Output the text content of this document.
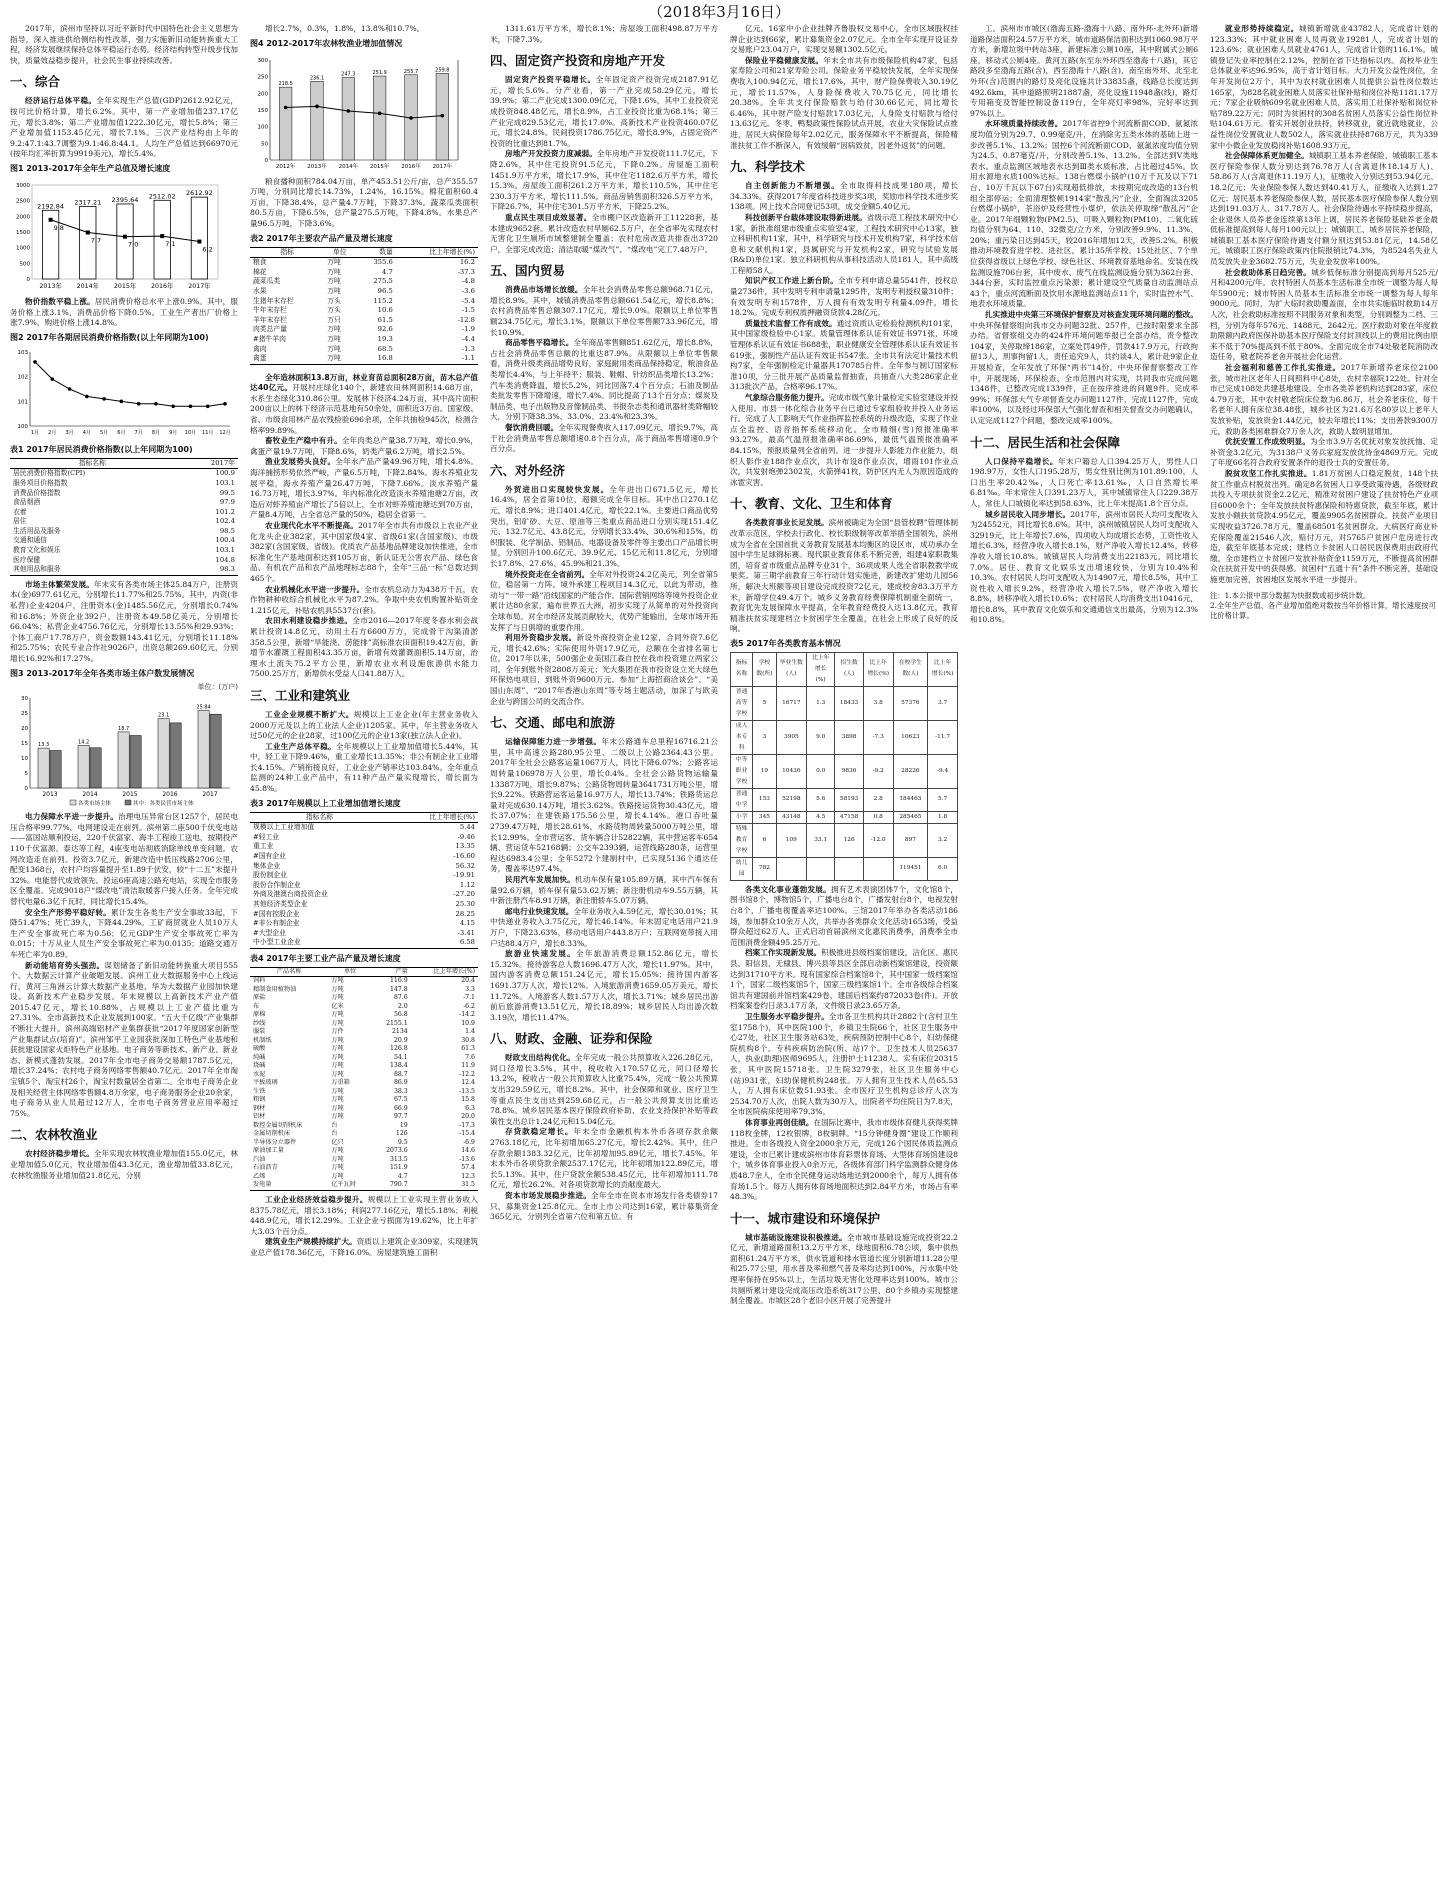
（2018年3月16日）

2017年，滨州市坚持以习近平新时代中国特色社会主义思想为指导，深入推进供给侧结构性改革，强力实施新旧动能转换重大工程，经济发展继续保持总体平稳运行态势。经济结构转型升级步伐加快，质量效益稳步提升，社会民生事业持续改善。

一、综合

经济运行总体平稳。全年实现生产总值(GDP)2612.92亿元，按可比价格计算，增长6.2%。其中，第一产业增加值237.17亿元，增长3.8%；第二产业增加值1222.30亿元，增长5.8%；第三产业增加值1153.45亿元，增长7.1%。三次产业结构由上年的9.2:47.1:43.7调整为9.1:46.8:44.1。人均生产总值达到66970元(按年均汇率折算为9919美元)，增长5.4%。

图1 2013-2017年全年生产总值及增长速度
2192.84
2013年
2317.21
2014年
2395.64
2015年
2512.02
2016年
2612.92
2017年
9.8
7.7
7.0	7.1
6.2
0
500
1000
1500
2000
2500
3000

物价指数平稳上涨。居民消费价格总水平上涨0.9%。其中，服务价格上涨3.1%，消费品价格下降0.5%。工业生产者出厂价格上涨7.9%，购进价格上涨14.8%。

图2 2017年各期居民消费价格指数(以上年同期为100)
1月 2月 3月 4月 5月 6月 7月 8月 9月 10月 11月 12月
100
101
102
103
表1 2017年居民消费价格指数(以上年同期为100)
指标名称	2017年
居民消费价格指数(CPI)	100.9
服务项目价格指数	103.1
消费品价格指数	99.5
食品烟酒	97.9
衣着	101.2
居住	102.4
生活用品及服务	98.5
交通和通信	100.4
教育文化和娱乐	103.1
医疗保健	104.8
其他用品和服务	98.3

市场主体繁荣发展。年末实有各类市场主体25.84万户，注册资本(金)6977.61亿元，分别增长11.77%和25.75%。其中，内资(非私营)企业4204户，注册资本(金)1485.56亿元，分别增长0.74%和16.8%；外资企业392户，注册资本49.58亿美元，分别增长66.04%；私营企业4756.76亿元，分别增长13.55%和29.93%；个体工商户17.78万户，资金数额143.41亿元，分别增长11.18%和25.75%；农民专业合作社9026户，出资总额269.60亿元，分别增长16.92%和17.27%。

图3 2013-2017年全年各类市场主体户数发展情况
单位：(万户)
13.3
2013
14.2
2014
18.7
2015
23.1
2016
25.84
2017
0
5
10
15
20
25
30
各类市场主体	其中：各类民营市场主体

电力保障水平进一步提升。治理电压异常台区1257个，居民电压合格率99.77%。电网建设走在前列。滨州第二座500千伏变电站——富国站顺利投运，220千伏富家、海丰工程竣工送电，按期投产110千伏富源、泰达等工程，4座变电站彻底消除单线单变问题。农网改造走在前列。投资3.7亿元，新建改造中低压线路2706公里，配变1368台，农村户均容量提升至1.89千伏安，较“十二五”末提升32%。电能替代成效领先。投运6座高速公路充电站，实现全市服务区全覆盖。完成9018户“煤改电”清洁取暖客户接入任务。全年完成替代电量6.3亿千瓦时，同比增长15.4%。

安全生产形势平稳好转。累计发生各类生产安全事故33起，下降51.47%；死亡39人，下降44.29%。工矿商贸就业人员10万人生产安全事故死亡率为0.56；亿元GDP生产安全事故死亡率为0.015；十万从业人员生产安全事故死亡率为0.0135；道路交通万车死亡率为0.89。

新动能培育势头强劲。谋划储备了新旧动能转换重大项目555个。大数据云计算产业破题发展。滨州工业大数据服务中心上线运行，黄河三角洲云计算大数据产业基地、华为大数据产业园加快建设。高新技术产业稳步发展。年末规模以上高新技术产业产值2015.47亿元，增长10.88%，占规模以上工业产值比重为27.31%。全市高新技术企业发展到100家。“五大千亿级”产业集群不断壮大提升。滨州高端铝材产业集群获批“2017年度国家创新型产业集群试点(培育)”。滨州邹平工业园获批深加工特色产业基地和获批建设国家火炬特色产业基地。电子商务等新技术、新产业、新业态、新模式蓬勃发展。2017年全市电子商务交易额1787.5亿元，增长37.24%；农村电子商务网络零售额40.7亿元。2017年全市淘宝镇5个、淘宝村26个，淘宝村数量居全省第二。全市电子商务企业及相关经营主体网络零售额4.8万余家，电子商务服务企业20余家，电子商务从业人员超过12万人，全市电子商务营业应用率超过75%。

二、农林牧渔业

农村经济稳步增长。全年实现农林牧渔业增加值155.0亿元，林业增加值5.0亿元，牧业增加值43.3亿元，渔业增加值33.8亿元，农林牧渔服务业增加值21.8亿元，分别

增长2.7%，0.3%，1.8%，13.8%和10.7%。

图4 2012-2017年农林牧渔业增加值情况
218.5
2012年
236.1
2013年
247.3
2014年
251.9
2015年
255.7
2016年
259.8
2017年
0
50
100
150
200
250
300

粮食播种面积784.04万亩，单产453.51公斤/亩，总产355.57万吨，分别同比增长14.73%，1.24%，16.15%。棉花面积60.4万亩，下降38.4%，总产量4.7万吨，下降37.3%。蔬菜瓜类面积80.5万亩，下降6.5%，总产量275.5万吨，下降4.8%。水果总产量96.5万吨，下降3.6%。

表2 2017年主要农产品产量及增长速度
指标	单位	数量	比上年增长(%)
粮食	万吨	355.6	16.2
棉花	万吨	4.7	-37.3
蔬菜瓜类	万吨	275.5	-4.8
水果	万吨	96.5	-3.6
生猪年末存栏	万头	115.2	-5.4
牛年末存栏	万头	10.6	-1.5
羊年末存栏	万只	61.5	-12.8
肉类总产量	万吨	92.6	-1.9
#猪牛羊肉	万吨	19.3	-4.4
禽肉	万吨	68.5	-1.3
禽蛋	万吨	16.8	-1.1

全年造林面积13.8万亩，林业育苗总面积28万亩，苗木总产值达40亿元。开展村庄绿化140个，新建农田林网面积14.68万亩，水系生态绿化310.86公里。发展林下经济4.24万亩，其中高片面积200亩以上的林下经济示范基地有50余处，面积近3万亩。国家级、省、市级食用林产品农残检验696余项，全年共抽检945次，检测合格率99.89%。

畜牧业生产稳中有升。全年肉类总产量38.7万吨，增长0.9%，禽蛋产量19.7万吨，下降8.6%，奶类产量6.2万吨，增长2.5%。

渔业发展势头良好。全年水产品产量49.96万吨，增长4.8%。海洋捕捞形势依然严峻，产量6.5万吨，下降2.84%。海水养殖业发展平稳，海水养殖产量26.47万吨，下降7.66%。淡水养殖产量16.73万吨，增长3.97%。年内标准化改造淡水养殖池塘2万亩，改造后对虾养殖亩产增长了5倍以上，全市对虾养殖池塘达到70万亩，产量8.4万吨，占全省总产量的50%，稳居全省第一。

农业现代化水平不断提高。2017年全市共有市级以上农业产业化龙头企业382家，其中国家级4家、省级61家(含国家级)、市级382家(含国家级、省级)。优质农产品基地品牌建设加快推进，全市标准化生产基地面积达到105万亩，新认证无公害农产品、绿色食品、有机农产品和农产品地理标志88个，全年“三品一标”总数达到465个。

农业机械化水平进一步提升。全市农机总动力为438万千瓦，农作物耕种收综合机械化水平为87.2%。争取中央农机购置补贴资金1.215亿元，补贴农机具5537台(套)。

农田水利建设稳步推进。全市2016—2017年度冬春水利会战累计投资14.8亿元，动用土石方6600万方，完成骨干沟渠清淤358.5公里，新增“旱能浇、涝能排”高标准农田面积19.42万亩，新增节水灌溉工程面积43.35万亩，新增有效灌溉面积5.14万亩，治理水土流失75.2平方公里，新增农业水利设施旅游供水能力7500.25万方，新增供水受益人口41.88万人。

三、工业和建筑业

工业企业规模不断扩大。规模以上工业企业(年主营业务收入2000万元及以上的工业法人企业)1205家。其中，年主营业务收入过50亿元的企业28家，过100亿元的企业13家(独立法人企业)。

工业生产总体平稳。全年规模以上工业增加值增长5.44%，其中，轻工业下降9.46%，重工业增长13.35%；非公有制企业工业增长4.15%。产销衔接良好，工业企业产销率达103.84%。全年重点监测的24种工业产品中，有11种产品产量实现增长，增长面为45.8%。

表3 2017年规模以上工业增加值增长速度
指标名称	比上年增长(%)
规模以上工业增加值	5.44
#轻工业	-9.46
重工业	13.35
#国有企业	-16.60
集体企业	56.32
股份制企业	-19.91
股份合作制企业	1.12
外商及港澳台商投资企业	-27.20
其他经济类型企业	25.30
#国有控股企业	28.25
#非公有制企业	4.15
#大型企业	-3.41
中小型工业企业	6.58
表4 2017年主要工业产品产量及增长速度
产品名称	单位	产量	比上年增长(%)
饲料	万吨	116.9	20.4
精制食用植物油	万吨	147.8	3.3
原盐	万吨	87.6	-7.1
布	亿米	2.0	-6.2
原棉	万吨	56.8	-14.2
纱线	万吨	2155.1	10.9
服装	万件	2134	1.4
机制纸	万吨	20.9	30.8
硫酸	万吨	126.8	61.3
纯碱	万吨	54.1	7.6
烧碱	万吨	138.4	11.9
水泥	万吨	88.7	-12.2
平板玻璃	万重箱	86.9	12.4
生铁	万吨	38.3	-13.5
粗钢	万吨	67.5	15.8
钢材	万吨	66.9	6.3
铝材	万吨	97.7	20.0
数控金属切削机床	台	19	-17.3
金属切削机床	台	126	-15.4
半导体分立器件	亿只	9.5	-6.9
原油加工量	万吨	2073.6	14.6
汽油	万吨	313.5	-13.6
石油沥青	万吨	151.9	57.4
乙烯	万吨	4.7	12.3
发电量	亿千瓦时	790.7	31.5

工业企业经济效益稳步提升。规模以上工业实现主营业务收入8375.78亿元，增长3.18%；利润277.16亿元，增长5.18%；利税448.9亿元，增长12.29%。工业企业亏损面为19.62%，比上年扩大3.03个百分点。

建筑业生产规模持续扩大。资质以上建筑企业309家，实现建筑业总产值178.36亿元，下降16.0%。房屋建筑施工面积

1311.61万平方米，增长8.1%；房屋竣工面积498.87万平方米，下降7.3%。

四、固定资产投资和房地产开发

固定资产投资平稳增长。全年固定资产投资完成2187.91亿元，增长5.6%。分产业看，第一产业完成58.29亿元，增长39.9%；第二产业完成1300.09亿元，下降1.6%，其中工业投资完成投资848.48亿元，增长8.9%，占工业投资比重为68.1%；第三产业完成829.53亿元，增长17.0%。高新技术产业投资460.07亿元，增长24.8%。民间投资1786.75亿元，增长8.9%，占固定资产投资的比重达到81.7%。

房地产开发投资力度减弱。全年房地产开发投资111.7亿元，下降2.6%，其中住宅投资91.5亿元，下降0.2%。房屋施工面积1451.9万平方米，增长17.9%，其中住宅1182.6万平方米，增长15.3%。房屋竣工面积261.2万平方米，增长110.5%，其中住宅230.3万平方米，增长111.5%。商品房销售面积326.5万平方米，下降26.7%，其中住宅301.5万平方米，下降25.2%。

重点民生项目成效显著。全市棚户区改造新开工11228套，基本建成9652套。累计改造农村旱厕62.5万户，在全省率先实现农村无害化卫生厕所市域整建制全覆盖；农村危房改造共排查出3720户，全部完成改造；清洁取暖“煤改气”、“煤改电”完工7.48万户。

五、国内贸易

消费品市场增长放缓。全年社会消费品零售总额968.71亿元，增长8.9%。其中，城镇消费品零售总额661.54亿元，增长8.8%；农村消费品零售总额307.17亿元，增长9.0%。限额以上单位零售额234.75亿元，增长3.1%，限额以下单位零售额733.96亿元，增长10.9%。

商品零售平稳增长。全年商品零售额851.62亿元，增长8.8%，占社会消费品零售总额的比重达87.9%。从限额以上单位零售额看，消费升级类商品增势良好，家庭耐用类商品保持稳定，粮油食品类增长4.4%，与上年持平；服装、鞋帽、针纺织品类增长13.2%；汽车类消费降温，增长5.2%，同比回落7.4个百分点；石油及制品类批发零售下降增速，增长7.4%。同比提高了13个百分点；煤炭及制品类、电子出版物及音像制品类、书报杂志类和通讯器材类降幅较大，分别下降38.3%、33.0%、23.4%和23.3%。

餐饮消费回暖。全年实现餐费收入117.09亿元，增长9.7%，高于社会消费品零售总额增速0.8个百分点，高于商品零售增速0.9个百分点。

六、对外经济

外贸进出口实现较快发展。全年进出口671.5亿元，增长16.4%，居全省第10位，超额完成全年目标。其中出口270.1亿元，增长8.9%；进口401.4亿元，增长22.1%。主要进口商品优势突出，铝矿砂、大豆、原油等三类重点商品进口分别实现151.4亿元、132.7亿元、43.8亿元，分别增长33.4%、30.6%和15%。纺织服装、化学制品、铝制品、电器设备及零件等主要出口产品增长明显，分别回升100.6亿元、39.9亿元、15亿元和11.8亿元，分别增长17.8%、27.6%、45.9%和21.3%。

境外投资走在全省前列。全年对外投资24.2亿美元，列全省第5位，稳居第一方阵。境外承建工程项目14.3亿元，以此为带动，推动与“一带一路”沿线国家的产能合作。国际营销网络等境外投资企业累计达80余家，遍布世界五大洲，初步实现了从简单的对外投资向全球布局。对全市经济发展贡献较大，优势产能输出，全球市场开拓发挥了与日俱增的重要作用。

利用外资稳步发展。新设外商投资企业12家，合同外资7.6亿元，增长42.6%；实际使用外资17.9亿元，总额在全省排名第七位。2017年以来，500强企业美国江森自控在我市投资建立两家公司，全年到账外资2808万美元；光大集团在我市投资设立光大绿色环保热电项目，到账外资9600万元。参加“上海招商洽谈会”、“美国山东周”、“2017年香港山东周”等专场主题活动，加深了与欧美企业与跨国公司的交流合作。

七、交通、邮电和旅游

运输保障能力进一步增强。年末公路通车总里程16716.21公里，其中高速公路280.95公里、二级以上公路2364.43公里。2017年全社会公路客运量1067万人，同比下降6.07%；公路客运周转量106978万人公里，增长0.4%。全社会公路货物运输量13387万吨，增长9.87%；公路货物周转量3641731万吨公里，增长9.22%。铁路营运客运量16.97万人，增长13.74%；铁路货运总量对完成630.14万吨，增长3.62%。铁路接运货物30.43亿元，增长37.07%；在建铁路175.56公里，增长4.14%。港口吞吐量2739.47万吨，增长28.61%，水路货物周转量5000万吨公里，增长12.99%。全市营运客、货车辆合计52822辆，其中营运客车654辆、营运货车52168辆；公交车2393辆，运营线路280条，运营里程达6983.4公里；全年5272个建制村中，已实现5136个通达任务，覆盖率达97.4%。

民用汽车发展加快。机动车保有量105.89万辆，其中汽车保有量92.6万辆，轿车保有量53.62万辆；新注册机动车9.55万辆，其中新注册汽车8.91万辆，新注册轿车5.07万辆。

邮电行业快速发展。全年业务收入4.59亿元，增长30.01%；其中快递业务收入3.75亿元，增长46.14%。年末固定电话用户21.9万户，下降23.63%，移动电话用户443.8万户；互联网宽带接入用户达88.4万户，增长8.33%。

旅游业快速发展。全年旅游消费总额152.86亿元，增长15.32%。接待游客总人数1696.47万人次，增长11.97%。其中，国内游客消费总额151.24亿元，增长15.05%；接待国内游客1691.37万人次，增长12%。入境旅游消费1659.05万美元，增长11.72%。入境游客人数1.57万人次，增长3.71%；城乡居民出游前后旅游消费13.51亿元，增长18.89%；城乡居民人均出游次数3.19次，增长11.47%。

八、财政、金融、证券和保险

财政支出结构优化。全年完成一般公共预算收入226.28亿元，同口径增长3.5%。其中，税收收入170.57亿元，同口径增长13.2%，税收占一般公共预算收入比重75.4%，完成一般公共预算支出329.59亿元，增长8.2%。其中，社会保障和就业、医疗卫生等重点民生支出达到259.68亿元，占一般公共预算支出比重达78.8%。城乡居民基本医疗保险政府补助、农业支持保护补贴等政策性支出总计1.24亿元和15.04亿元。

存贷款稳定增长。年末全市金融机构本外币各项存款余额2763.18亿元，比年初增加65.27亿元，增长2.42%。其中，住户存款余额1383.32亿元，比年初增加95.89亿元，增长7.45%。年末本外币各项贷款余额2537.17亿元，比年初增加122.89亿元，增长5.13%。其中，住户贷款余额538.45亿元，比年初增加111.78亿元，增长26.2%。对各项贷款增长的贡献度最大。

资本市场发展稳步推进。全年全市在资本市场发行各类债券17只，募集资金125.8亿元。全市上市公司达到16家，累计募集资金365亿元，分别列全省第六位和第五位。有

亿元。16家中小企业挂牌齐鲁股权交易中心，全市区域股权挂牌企业达到66家，累计募集资金2.07亿元。全市全年实现开设证券交易账户23.04万户，实现交易额1302.5亿元。

保险业平稳健康发展。年末全市共有市级保险机构47家，包括家寿险公司和21家寿险公司。保险业务平稳较快发展，全年实现保费收入100.94亿元，增长17.6%，其中，财产险保费收入30.19亿元，增长11.57%，人身险保费收入70.75亿元，同比增长20.38%。全年共支付保险赔款与给付30.66亿元，同比增长6.46%，其中财产险支付赔款17.03亿元，人身险支付赔款与给付13.63亿元。冬枣、鸭梨政策性保险试点开展，农业大灾保险试点推进，居民大病保险每年2.02亿元，服务保障水平不断提高，保险精准扶贫工作不断深入，有效缓解“因病致贫，因老外返贫”的问题。

九、科学技术

自主创新能力不断增强。全市取得科技成果180项，增长34.33%。获得2017年度省科技进步奖3项，奖励市科学技术进步奖138项。网上技术合同登记53项，成交金额5.40亿元。

科技创新平台载体建设取得新进展。省级示范工程技术研究中心1家，新批准组建市级重点实验室4家，工程技术研究中心13家，独立科研机构11家，其中，科学研究与技术开发机构7家，科学技术信息和文献机构1家，县属研究与开发机构2家，研究与试验发展(R&D)单位1家。独立科研机构从事科技活动人员181人，其中高级工程师58人。

知识产权工作进上新台阶。全市专利申请总量5541件，授权总量2736件，其中发明专利申请量1295件，发明专利授权量310件；有效发明专利1578件，万人拥有有效发明专利量4.09件，增长18.2%。完成专利权质押融资贷款4.28亿元。

质量技术监督工作有成效。通过资质认定检验检测机构101家，其中国家级检验中心1家。质量管理体系认证有效证书971张，环境管理体系认证有效证书688张，职业健康安全管理体系认证有效证书619张，强制性产品认证有效证书547张。全市共有法定计量技术机构7家，全年强制检定计量器具170785台件。全年参与制订国家标准10项，分三批开展产品质量监督抽查，共抽查八大类286家企业313批次产品，合格率96.17%。

气象综合服务能力提升。完成市级气象计量检定实验室建设并投入使用。市县一体化综合业务平台已通过专家组验收并投入业务运行。完成了人工影响天气作业指挥监控系统的升级改造，实现了作业点全监控、语音指挥系统移动化。全市精细(雪)预报准确率93.27%，最高气温预报准确率86.69%，最低气温预报准确率84.15%，预报质量列全省前列。进一步提升人影能力作业能力，组织人影作业188作业点次，共计布设8作业点次，增雨101作业点次，共发射炮弹2302发，火箭弹41枚，防护区内无人为原因造成的冰雹灾害。

十、教育、文化、卫生和体育

各类教育事业长足发展。滨州被确定为全国“县管校聘”管理体制改革示范区，学校去行政化、校长职级制等改革举措全国领先，滨州成为全省在全国首批义务教育发展基本均衡区的设区市，成功承办全国中学生足球锦标赛。现代职业教育体系不断完善，组建4家职教集团，培育省市级重点品牌专业31个，36项成果人选全省职教教学成果奖。第三期学前教育三年行动计划实施进，新建改扩建幼儿园56所，解决大班额等项目建设完成投资72亿元，建成校舍83.3万平方米，新增学位49.4万个。城乡义务教育经费保障机制重全面统一，教育优先发展保障水平提高，全年教育经费投入达13.8亿元，教育精准扶贫实现建档立卡贫困学生全覆盖，在社会上形成了良好的反响。

表5 2017年各类教育基本情况
指标名称	学校数(所)	毕业生数(人)	比上年增长(%)	招生数(人)	比上年增长(%)	在校学生数(人)	比上年增长(%)
普通高等学校	5	16717	1.3	18433	3.8	57376	3.7
成人本专科	3	3905	9.0	3898	-7.3	10623	-11.7
中等职业学校	19	10436	0.0	9836	-9.2	28226	-9.4
普通中学	153	52198	5.6	58193	2.8	184463	5.7
小学	345	43148	4.5	47158	0.8	285465	1.8
特殊教育学校	6	109	33.1	126	-12.0	897	3.2
幼儿园	782					119451	6.0

各类文化事业蓬勃发展。拥有艺术表演团体7个，文化馆8个，图书馆8个，博物馆5个，广播电台8个，广播发射台8个，电视发射台8个，广播电视覆盖率达100%。三馆2017年举办各类活动186场，参加群众10余万人次，共举办各类群众文化活动1653场，受益群众超过62万人。正式启动首届滨州文化惠民消费季，消费季全市范围消费金额495.25万元。

档案工作实现新发展。积极推进县级档案馆建设，沾化区、惠民县、阳信县、无棣县、博兴县等县区全部启动新档案馆建设，投资额达到31710平方米。现有国家综合档案馆8个，其中国家一级档案馆1个，国家二级档案馆5个，国家三级档案馆1个。全市各级综合档案馆共有建国前并馆档案429卷，建国后档案约872033卷(件)。开放档案案卷约日录3.17万条，文件级日录23.65万条。

卫生服务水平稳步提升。全市各卫生机构共计2882个(含村卫生室1758个)，其中医院100个，乡镇卫生院66个，社区卫生服务中心27处，社区卫生服务站63处，疾病预防控制中心8个，妇幼保健院机构8个。专科疾病防治院(所、站)7个。卫生技术人员25637人，执业(助理)医师9695人，注册护士11238人。实有床位20315张，其中医院15718张。卫生院3279张，社区卫生服务中心(站)931张，妇幼保健机构248张。万人拥有卫生技术人员65.53人，万人拥有床位数51.93张。全市医疗卫生机构总诊疗人次为2534.70万人次，出院人数为30万人，出院者平均住院日为7.8天，全市医院病床使用率79.3%。

体育事业再创佳绩。在国际比赛中，我市市级体育健儿获得奖牌118枚金牌，12枚银牌，8枚铜牌。“15分钟健身圈”建设工作顺利推进。全市各级投入资金2000余万元，完成126个国民体质监测点建设，全市已累计建成滨州市体育彩票体育场、大型体育场馆建设8个，城乡体育事业投入0余万元，各级体育部门科学监测群众健身体质48.7余人，全市全民健身运动场地达到2000余个，每万人拥有体育场1.5个。每万人拥有体育场地面积达到2.84平方米，市场占有率48.3%。

十一、城市建设和环境保护

城市基础设施建设积极推进。全市城市基础设施完成投资22.2亿元，新增道路面积13.2万平方米，绿地面积6.78公顷，集中供热面积61.24万平方米，供水管道和排水管道长度分别新增11.28公里和25.77公里，用水普及率和燃气普及率均达到100%，污水集中处理率保持在95%以上，生活垃圾无害化处理率达到100%。城市公共厕所累计建设完成高压改造系统317公里、80个乡镇办实现整建制全覆盖。市城区28个老旧小区开展了完善提升

工。滨州市市城区(渤海五路-渤海十八路、南外环-北外环)新增道路保洁面积24.57万平方米，城市道路保洁面积达到1060.98万平方米，新增垃圾中转站3座，新建标准公厕10座，其中附属式公厕6座，移动式公厕4座。黄河五路(东至东外环西至渤海十八路)，其它路段多至渤海五路(含)，西至渤海十八路(含)，南至南外环、北至北外环(含)范围内的路灯及亮化设施共计33835盏，线路总长度达到492.6km，其中道路照明21887盏，亮化设施11948盏(线)，路灯专用箱变及智能控制设备119台，全年亮灯率98%，完好率达到97%以上。

水环境质量持续改善。2017年省控9个河流断面COD、氨氮浓度均值分别为29.7、0.99毫克/升，在消除劣五类水体的基础上进一步改善5.1%、13.2%；国控6个河流断面COD、氨氮浓度均值分别为24.5、0.87毫克/升，分别改善5.1%、13.2%。全部达到V类地表水。重点监测区域地表水达到Ⅲ类水质标准，占比超过45%。饮用水源地水质100%达标。138台燃煤小锅炉(10万千瓦及以下71台、10万千瓦以下67台)实现超低排放，未按期完成改造的13台机组全部停运；全面清理整顿1914家“散乱污”企业，全面淘汰3205台燃煤小锅炉，茶浴炉及经营性小煤炉，依法关停取缔“散乱污”企业。2017年细颗粒物(PM2.5)、可吸入颗粒物(PM10)、二氧化硫均值分别为64、110、32微克/立方米，分别改善9.9%、11.3%、20%；重污染日达到45天，较2016年增加12天，改善5.2%。积极推动环境教育进学校、进社区，累计35所学校、15处社区、7个单位获得省级以上绿色学校、绿色社区、环境教育基地命名。安装在线监测设施706台套，其中废水、废气在线监测设施分别为362台套、344台套，实时监控重点污染源；累计建设空气质量自动监测站点43个，重点河流断面及饮用水源地监测站点11个，实时监控水气、地表水环境质量。

扎实推进中央第三环境保护督察及对核查发现环境问题的整改。中央环保督察组向我市交办问题32批、257件，已按时限要求全部办结。省督察组交办的424件环境问题举报已全部办结，责令整改104家，关停取缔186家，立案处罚49件，罚款417.9万元，行政拘留13人，刑事拘留1人，责任追究9人，共约谈4人，累计赴9家企业开展检查，全年发放了环保“两书”14份。中央环保督察整改工作中，开展现场，环保检查、全市范围内对实现，共同我市完成问题1348件，已整改完成1339件，正在按序推进的问题9件。完成率99%；环保部大气专项督查交办问题1127件，完成1127件，完成率100%，以及经过环保部大气强化督查和相关督查交办问题确认，认定完成1127个问题，整改完成率100%。

十二、居民生活和社会保障

人口保持平稳增长。年末户籍总人口394.25万人，男性人口198.97万，女性人口195.28万，男女性别比例为101.89:100。人口出生率20.42‰，人口死亡率13.61‰，人口自然增长率6.81‰。年末常住人口391.23万人，其中城镇常住人口229.38万人，常住人口城镇化率达到58.63%，比上年末提高1.8个百分点。

城乡居民收入同步增长。2017年，滨州市居民人均可支配收入为24552元，同比增长8.6%。其中，滨州城镇居民人均可支配收入32919元，比上年增长7.6%，四项收入均成增长态势，工资性收入增长6.3%，经营净收入增长8.1%，财产净收入增长12.4%，转移净收入增长10.8%。城镇居民人均消费支出22183元，同比增长7.0%。居住、教育文化娱乐支出增速较快，分别为10.4%和10.3%。农村居民人均可支配收入为14907元，增长8.5%，其中工资性收入增长9.2%，经营净收入增长7.5%，财产净收入增长8.8%，转移净收入增长10.6%；农村居民人均消费支出10416元，增长8.8%，其中教育文化娱乐和交通通信支出最高，分别为12.3%和10.8%。

就业形势持续稳定。城镇新增就业43782人，完成省计划的123.33%；其中就业困难人员再就业19281人，完成省计划的123.6%；就业困难人员就业4761人，完成省计划的116.1%。城镇登记失业率控制在2.12%，控制在省下达指标以内。高校毕业生总体就业率达96.95%，高于省计划目标。大力开发公益性岗位，全年开发岗位2万个，其中为农村就业困难人员提供公益性岗位数达165家，为828名就业困难人员落实社保补贴和岗位补贴1181.17万元；7家企业吸纳609名就业困难人员，落实用工社保补贴和岗位补贴789.22万元；同时为贫困村的308名贫困人员落实公益性岗位补贴104.61万元。着实开展创业扶持，转移就业，就近就地就业，公益性岗位安置就业人数502人，落实就业扶持8768万元，共为339家中小微企业发放稳岗补贴1608.93万元。

社会保障体系更加健全。城镇职工基本养老保险、城镇职工基本医疗保险参保人数分别达到76.78万人(含离退休18.14万人)、58.86万人(含离退休11.19万人)，征缴收入分别达到53.94亿元、18.2亿元；失业保险参保人数达到40.41万人，征缴收入达到1.27亿元；居民基本养老保险参保人数，居民基本医疗保险参保人数分别达到191.03万人、317.78万人。社会保险待遇水平持续稳步提高，企业退休人员养老金连续第13年上调，居民养老保险基础养老金最低标准提高到每人每月100元以上；城镇职工、城乡居民养老保险，城镇职工基本医疗保险待遇支付额分别达到53.81亿元，14.58亿元，城镇职工医疗保险政策内住院报销比74.3%，为8524名失业人员发放失业金3602.75万元，失业金发放率100%。

社会救助体系日趋完善。城乡低保标准分别提高到每月525元/月和4200元/年。农村特困人员基本生活标准全市统一调整为每人每年5900元；城市特困人员基本生活标准全市统一调整为每人每年9000元。同时，为扩大临时救助覆盖面，全市共实施临时救助14万人次，社会救助标准按照不同服务对象和类型，分别调整为二档、三档，分别为每年576元、1488元、2642元。医疗救助对象在年度救助限额内政府医保补助基本医疗保险支付封顶线以上的费用比例由原来不低于70%提高到不低于80%。全面完成全市74处敬老院消防改造任务，敬老院养老舍开展社会化运营。

社会福利和慈善工作扎实推进。2017年新增养老床位2100张，城市社区老年人日间照料中心8处，农村幸福院122处。针对全市已完成108处共建基地建设。全市各类养老机构达到283家，床位4.79万张，其中农村敬老院床位数为6.86万，社会养老床位，每千名老年人拥有床位38.48张，城乡社区为21.6万名80岁以上老年人发放补贴，发放资金1.44亿元，较去年增长11%；支出善款9300万元，救助各类困难群众7万余人次，救助人数明显增加。

优抚安置工作成效明显。为全市3.9万名优抚对象发放抚恤、定补资金3.2亿元，为3138户义务兵家庭发放优待金4869万元。完成了年度66名符合政府安置条件的退役士兵的安置任务。

脱贫攻坚工作扎实推进。1.81万贫困人口稳定脱贫，148个扶贫工作重点村脱贫出列。确定8名贫困人口享受政策待遇，各级财政共投入专项扶贫资金2.2亿元，精准对贫困户建设了扶贫特色产业项目6000余个；全年发放扶贫特惠保险和特惠贷款，截至年底，累计发放小额扶贫贷款4.95亿元，覆盖9905名贫困群众。扶贫产业项目实现收益3726.78万元，覆盖68501名贫困群众。大病医疗商业补充保险覆盖21546人次，赔付万元，对5765户贫困户危房进行改造，截至年底基本完成；建档立卡贫困人口居民医保费用由政府代缴，全市建档立卡贫困户发放补贴资金1159万元，不断提高贫困群众在扶贫开发中的获得感。贫困村“五通十有”条件不断完善，基础设施更加完善，贫困地区发展水平进一步提升。

注：1.本公报中部分数据为快报数或初步统计数。
2.全年生产总值、各产业增加值绝对数按当年价格计算，增长速度按可比价格计算。
